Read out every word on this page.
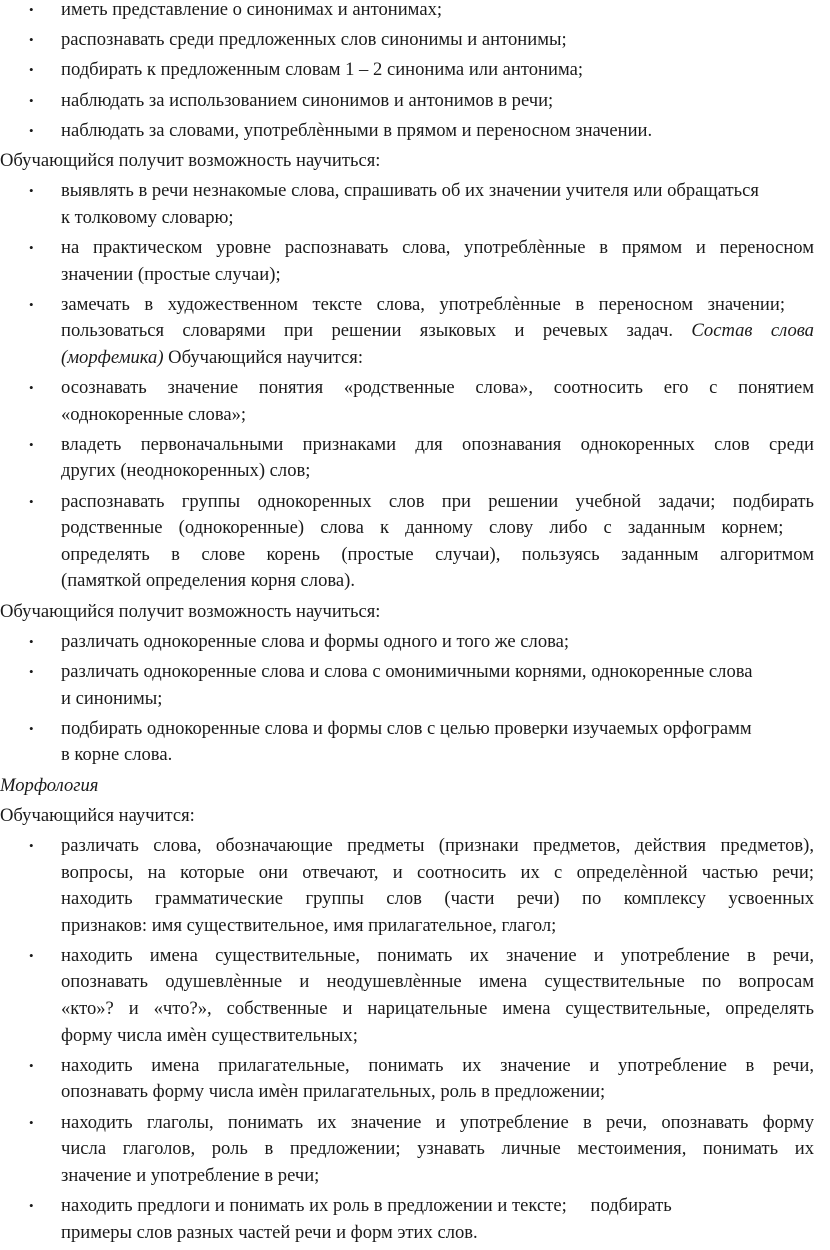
• иметь представление о синонимах и антонимах;
• распознавать среди предложенных слов синонимы и антонимы;
• подбирать к предложенным словам 1 – 2 синонима или антонима;
• наблюдать за использованием синонимов и антонимов в речи;
• наблюдать за словами, употреблѐнными в прямом и переносном значении.
Обучающийся получит возможность научиться:
• выявлять в речи незнакомые слова, спрашивать об их значении учителя или обращаться
к толковому словарю;
• на практическом уровне распознавать слова, употреблѐнные в прямом и переносном
значении (простые случаи);
• замечать в художественном тексте слова, употреблѐнные в переносном значении;
пользоваться словарями при решении языковых и речевых задач. Состав слова
(морфемика) Обучающийся научится:
• осознавать значение понятия «родственные слова», соотносить его с понятием
«однокоренные слова»;
• владеть первоначальными признаками для опознавания однокоренных слов среди
других (неоднокоренных) слов;
• распознавать группы однокоренных слов при решении учебной задачи; подбирать
родственные (однокоренные) слова к данному слову либо с заданным корнем;
определять в слове корень (простые случаи), пользуясь заданным алгоритмом
(памяткой определения корня слова).
Обучающийся получит возможность научиться:
• различать однокоренные слова и формы одного и того же слова;
• различать однокоренные слова и слова с омонимичными корнями, однокоренные слова
и синонимы;
• подбирать однокоренные слова и формы слов с целью проверки изучаемых орфограмм
в корне слова.
Морфология
Обучающийся научится:
• различать слова, обозначающие предметы (признаки предметов, действия предметов),
вопросы, на которые они отвечают, и соотносить их с определѐнной частью речи;
находить грамматические группы слов (части речи) по комплексу усвоенных
признаков: имя существительное, имя прилагательное, глагол;
• находить имена существительные, понимать их значение и употребление в речи,
опознавать одушевлѐнные и неодушевлѐнные имена существительные по вопросам
«кто»? и «что?», собственные и нарицательные имена существительные, определять
форму числа имѐн существительных;
• находить имена прилагательные, понимать их значение и употребление в речи,
опознавать форму числа имѐн прилагательных, роль в предложении;
• находить глаголы, понимать их значение и употребление в речи, опознавать форму
числа глаголов, роль в предложении; узнавать личные местоимения, понимать их
значение и употребление в речи;
• находить предлоги и понимать их роль в предложении и тексте; подбирать
примеры слов разных частей речи и форм этих слов.
